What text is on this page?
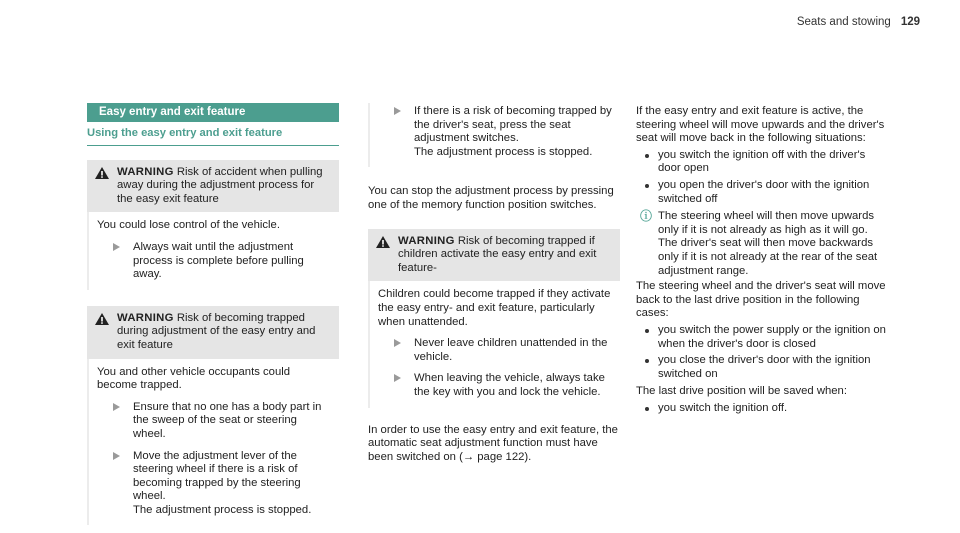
Seats and stowing 129
Easy entry and exit feature
Using the easy entry and exit feature
WARNING Risk of accident when pulling away during the adjustment process for the easy exit feature
You could lose control of the vehicle.
Always wait until the adjustment process is complete before pulling away.
WARNING Risk of becoming trapped during adjustment of the easy entry and exit feature
You and other vehicle occupants could become trapped.
Ensure that no one has a body part in the sweep of the seat or steering wheel.
Move the adjustment lever of the steering wheel if there is a risk of becoming trapped by the steering wheel.
The adjustment process is stopped.
If there is a risk of becoming trapped by the driver's seat, press the seat adjustment switches.
The adjustment process is stopped.
You can stop the adjustment process by pressing one of the memory function position switches.
WARNING Risk of becoming trapped if children activate the easy entry and exit feature-
Children could become trapped if they activate the easy entry- and exit feature, particularly when unattended.
Never leave children unattended in the vehicle.
When leaving the vehicle, always take the key with you and lock the vehicle.
In order to use the easy entry and exit feature, the automatic seat adjustment function must have been switched on (→ page 122).
If the easy entry and exit feature is active, the steering wheel will move upwards and the driver's seat will move back in the following situations:
you switch the ignition off with the driver's door open
you open the driver's door with the ignition switched off
ⓘ The steering wheel will then move upwards only if it is not already as high as it will go. The driver's seat will then move backwards only if it is not already at the rear of the seat adjustment range.
The steering wheel and the driver's seat will move back to the last drive position in the following cases:
you switch the power supply or the ignition on when the driver's door is closed
you close the driver's door with the ignition switched on
The last drive position will be saved when:
you switch the ignition off.
